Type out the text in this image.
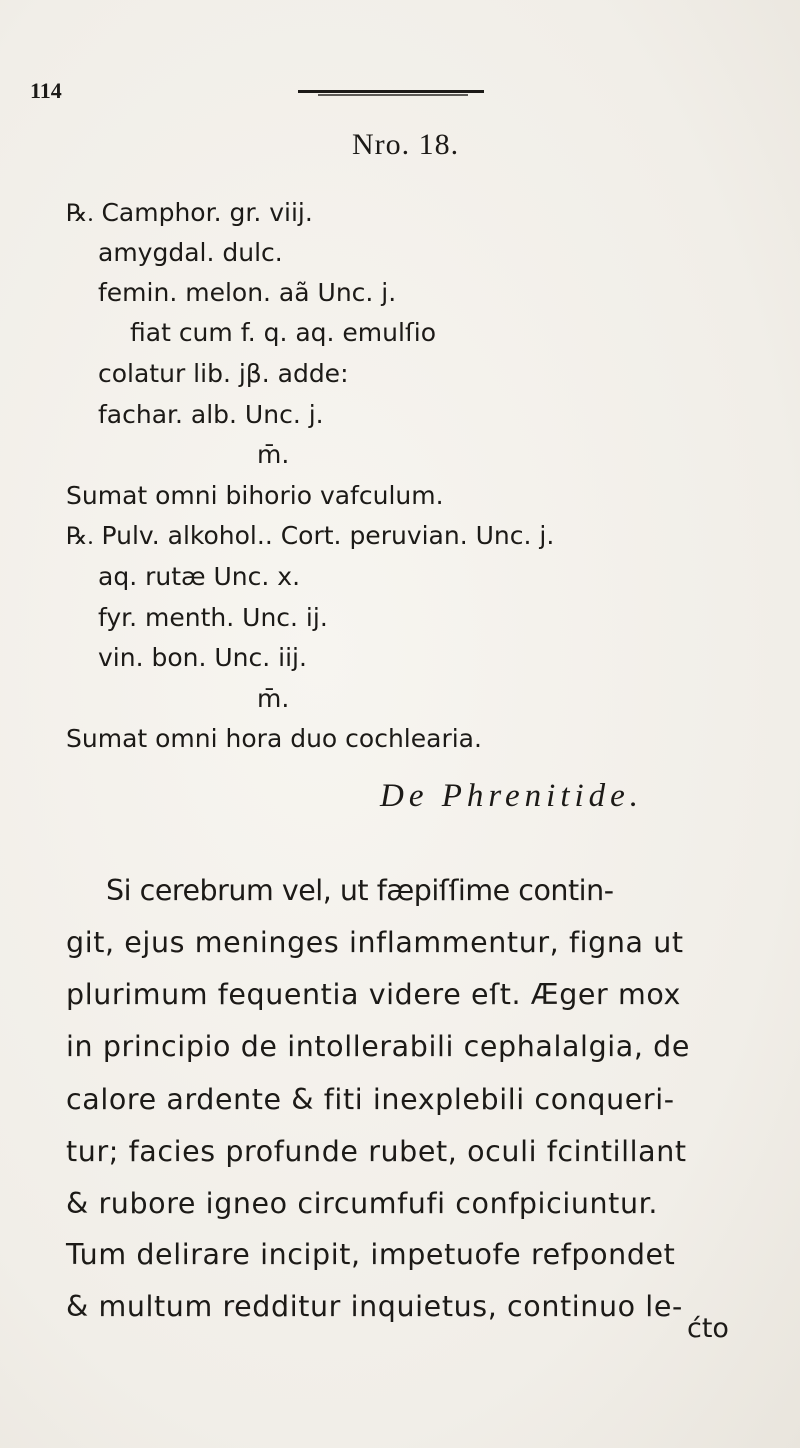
114
Nro. 18.
℞. Camphor. gr. viij.
amygdal. dulc.
femin. melon. aã Unc. j.
fiat cum f. q. aq. emulſio
colatur lib. jβ. adde:
fachar. alb. Unc. j.
m̄.
Sumat omni bihorio vafculum.
℞. Pulv. alkohol.. Cort. peruvian. Unc. j.
aq. rutæ Unc. x.
fyr. menth. Unc. ij.
vin. bon. Unc. iij.
m̄.
Sumat omni hora duo cochlearia.
De Phrenitide.
Si cerebrum vel, ut fæpiſſime contin-
git, ejus meninges inflammentur, figna ut
plurimum fequentia videre eſt. Æger mox
in principio de intollerabili cephalalgia, de
calore ardente & fiti inexplebili conqueri-
tur; facies profunde rubet, oculi fcintillant
& rubore igneo circumfufi confpiciuntur.
Tum delirare incipit, impetuofe refpondet
& multum redditur inquietus, continuo le-
ćto
